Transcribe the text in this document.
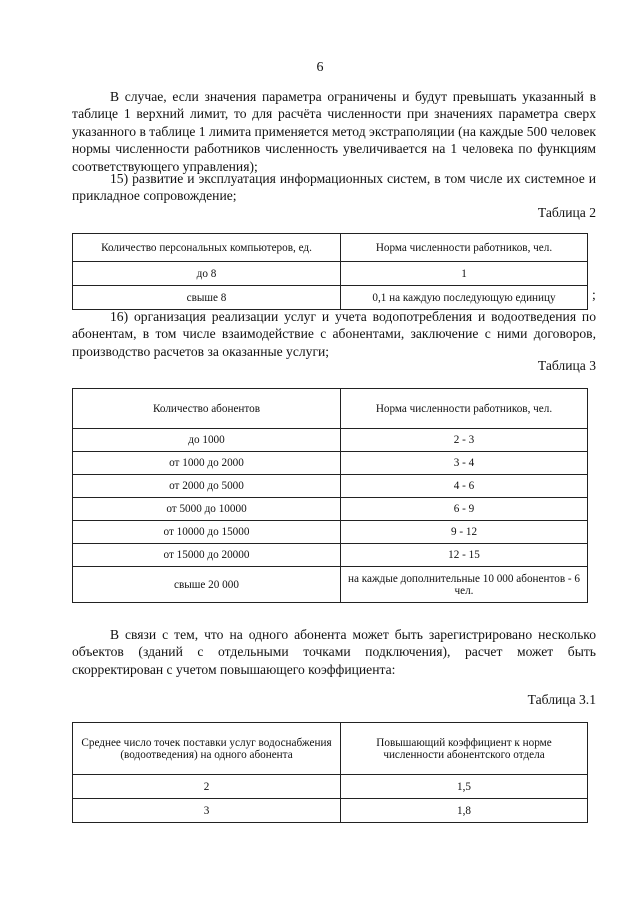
6
В случае, если значения параметра ограничены и будут превышать указанный в таблице 1 верхний лимит, то для расчёта численности при значениях параметра сверх указанного в таблице 1 лимита применяется метод экстраполяции (на каждые 500 человек нормы численности работников численность увеличивается на 1 человека по функциям соответствующего управления);
15) развитие и эксплуатация информационных систем, в том числе их системное и прикладное сопровождение;
Таблица 2
Количество персональных компьютеров, ед.	Норма численности работников, чел.
до 8	1
свыше 8	0,1 на каждую последующую единицу	;
16) организация реализации услуг и учета водопотребления и водоотведения по абонентам, в том числе взаимодействие с абонентами, заключение с ними договоров, производство расчетов за оказанные услуги;
Таблица 3
Количество абонентов	Норма численности работников, чел.
до 1000	2 - 3
от 1000 до 2000	3 - 4
от 2000 до 5000	4 - 6
от 5000 до 10000	6 - 9
от 10000 до 15000	9 - 12
от 15000 до 20000	12 - 15
свыше 20 000	на каждые дополнительные 10 000 абонентов - 6 чел.
В связи с тем, что на одного абонента может быть зарегистрировано несколько объектов (зданий с отдельными точками подключения), расчет может быть скорректирован с учетом повышающего коэффициента:
Таблица 3.1
Среднее число точек поставки услуг водоснабжения (водоотведения) на одного абонента	Повышающий коэффициент к норме численности абонентского отдела
2	1,5
3	1,8
